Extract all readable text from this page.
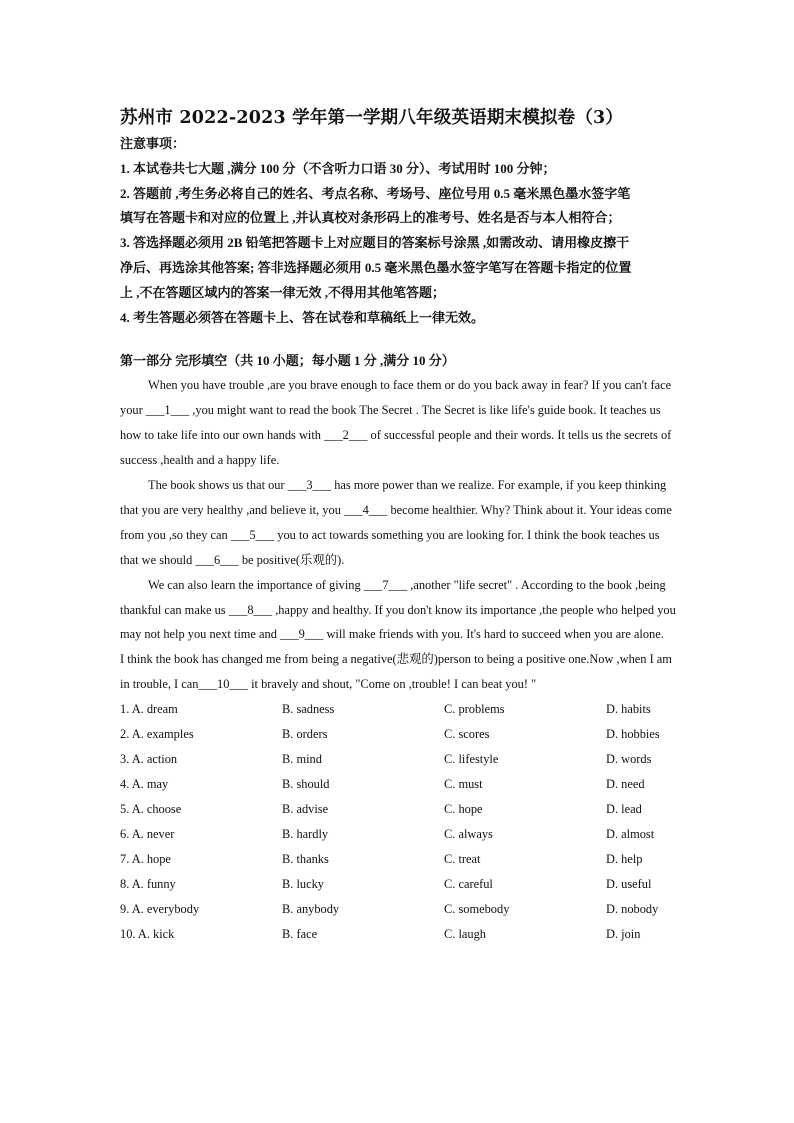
苏州市 2022-2023 学年第一学期八年级英语期末模拟卷（3）
注意事项：
1. 本试卷共七大题 ,满分 100 分（不含听力口语 30 分）、考试用时 100 分钟；
2. 答题前 ,考生务必将自己的姓名、考点名称、考场号、座位号用 0.5 毫米黑色墨水签字笔
填写在答题卡和对应的位置上 ,并认真校对条形码上的准考号、姓名是否与本人相符合；
3. 答选择题必须用 2B 铅笔把答题卡上对应题目的答案标号涂黑 ,如需改动、请用橡皮擦干
净后、再选涂其他答案; 答非选择题必须用 0.5 毫米黑色墨水签字笔写在答题卡指定的位置
上 ,不在答题区域内的答案一律无效 ,不得用其他笔答题；
4. 考生答题必须答在答题卡上、答在试卷和草稿纸上一律无效。
第一部分 完形填空（共 10 小题；每小题 1 分 ,满分 10 分）

When you have trouble ,are you brave enough to face them or do you back away in fear? If you can't face your ___1___ ,you might want to read the book The Secret . The Secret is like life's guide book. It teaches us how to take life into our own hands with ___2___ of successful people and their words. It tells us the secrets of success ,health and a happy life.

The book shows us that our ___3___ has more power than we realize. For example, if you keep thinking that you are very healthy ,and believe it, you ___4___ become healthier. Why? Think about it. Your ideas come from you ,so they can ___5___ you to act towards something you are looking for. I think the book teaches us that we should ___6___ be positive(乐观的).

We can also learn the importance of giving ___7___ ,another "life secret" . According to the book ,being thankful can make us ___8___ ,happy and healthy. If you don't know its importance ,the people who helped you may not help you next time and ___9___ will make friends with you. It's hard to succeed when you are alone.

I think the book has changed me from being a negative(悲观的)person to being a positive one.Now ,when I am in trouble, I can___10___ it bravely and shout, "Come on ,trouble! I can beat you! "

1. A. dream	B. sadness	C. problems	D. habits
2. A. examples	B. orders	C. scores	D. hobbies
3. A. action	B. mind	C. lifestyle	D. words
4. A. may	B. should	C. must	D. need
5. A. choose	B. advise	C. hope	D. lead
6. A. never	B. hardly	C. always	D. almost
7. A. hope	B. thanks	C. treat	D. help
8. A. funny	B. lucky	C. careful	D. useful
9. A. everybody	B. anybody	C. somebody	D. nobody
10. A. kick	B. face	C. laugh	D. join
